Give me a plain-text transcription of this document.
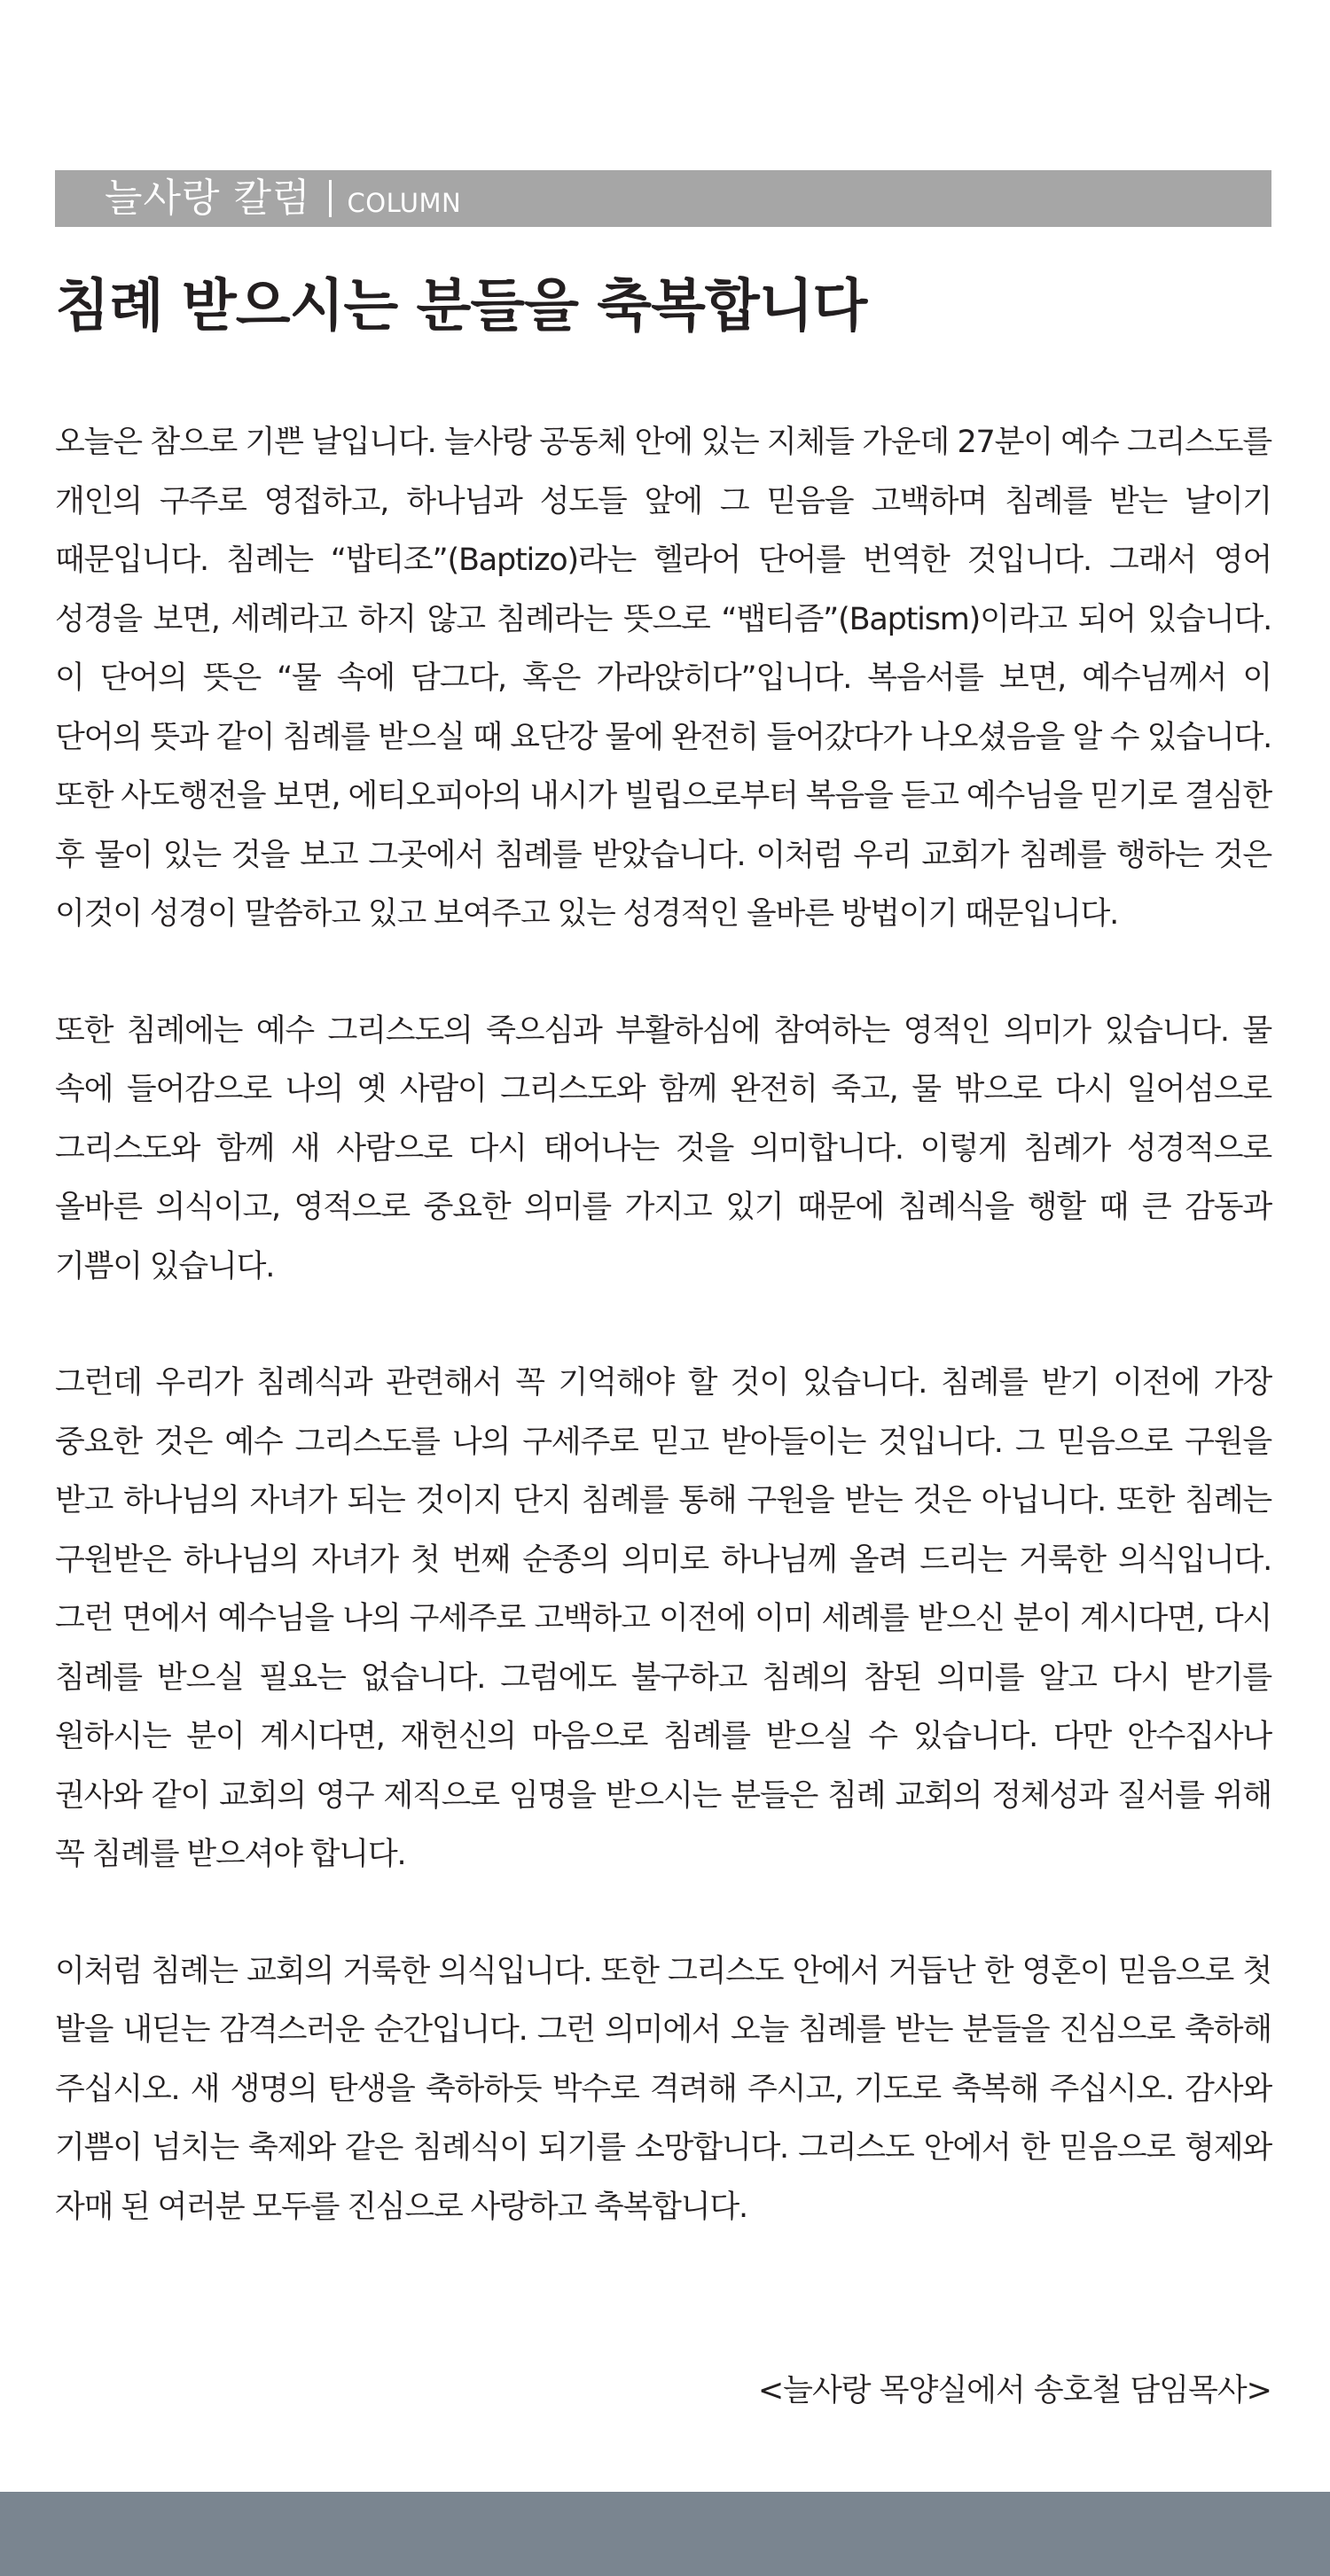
늘사랑 칼럼 COLUMN
침례 받으시는 분들을 축복합니다

오늘은 참으로 기쁜 날입니다. 늘사랑 공동체 안에 있는 지체들 가운데 27분이 예수 그리스도를 개인의 구주로 영접하고, 하나님과 성도들 앞에 그 믿음을 고백하며 침례를 받는 날이기 때문입니다. 침례는 “밥티조”(Baptizo)라는 헬라어 단어를 번역한 것입니다. 그래서 영어 성경을 보면, 세례라고 하지 않고 침례라는 뜻으로 “뱁티즘”(Baptism)이라고 되어 있습니다. 이 단어의 뜻은 “물 속에 담그다, 혹은 가라앉히다”입니다. 복음서를 보면, 예수님께서 이 단어의 뜻과 같이 침례를 받으실 때 요단강 물에 완전히 들어갔다가 나오셨음을 알 수 있습니다. 또한 사도행전을 보면, 에티오피아의 내시가 빌립으로부터 복음을 듣고 예수님을 믿기로 결심한 후 물이 있는 것을 보고 그곳에서 침례를 받았습니다. 이처럼 우리 교회가 침례를 행하는 것은 이것이 성경이 말씀하고 있고 보여주고 있는 성경적인 올바른 방법이기 때문입니다.

또한 침례에는 예수 그리스도의 죽으심과 부활하심에 참여하는 영적인 의미가 있습니다. 물 속에 들어감으로 나의 옛 사람이 그리스도와 함께 완전히 죽고, 물 밖으로 다시 일어섬으로 그리스도와 함께 새 사람으로 다시 태어나는 것을 의미합니다. 이렇게 침례가 성경적으로 올바른 의식이고, 영적으로 중요한 의미를 가지고 있기 때문에 침례식을 행할 때 큰 감동과 기쁨이 있습니다.

그런데 우리가 침례식과 관련해서 꼭 기억해야 할 것이 있습니다. 침례를 받기 이전에 가장 중요한 것은 예수 그리스도를 나의 구세주로 믿고 받아들이는 것입니다. 그 믿음으로 구원을 받고 하나님의 자녀가 되는 것이지 단지 침례를 통해 구원을 받는 것은 아닙니다. 또한 침례는 구원받은 하나님의 자녀가 첫 번째 순종의 의미로 하나님께 올려 드리는 거룩한 의식입니다. 그런 면에서 예수님을 나의 구세주로 고백하고 이전에 이미 세례를 받으신 분이 계시다면, 다시 침례를 받으실 필요는 없습니다. 그럼에도 불구하고 침례의 참된 의미를 알고 다시 받기를 원하시는 분이 계시다면, 재헌신의 마음으로 침례를 받으실 수 있습니다. 다만 안수집사나 권사와 같이 교회의 영구 제직으로 임명을 받으시는 분들은 침례 교회의 정체성과 질서를 위해 꼭 침례를 받으셔야 합니다.

이처럼 침례는 교회의 거룩한 의식입니다. 또한 그리스도 안에서 거듭난 한 영혼이 믿음으로 첫 발을 내딛는 감격스러운 순간입니다. 그런 의미에서 오늘 침례를 받는 분들을 진심으로 축하해 주십시오. 새 생명의 탄생을 축하하듯 박수로 격려해 주시고, 기도로 축복해 주십시오. 감사와 기쁨이 넘치는 축제와 같은 침례식이 되기를 소망합니다. 그리스도 안에서 한 믿음으로 형제와 자매 된 여러분 모두를 진심으로 사랑하고 축복합니다.

<늘사랑 목양실에서 송호철 담임목사>
